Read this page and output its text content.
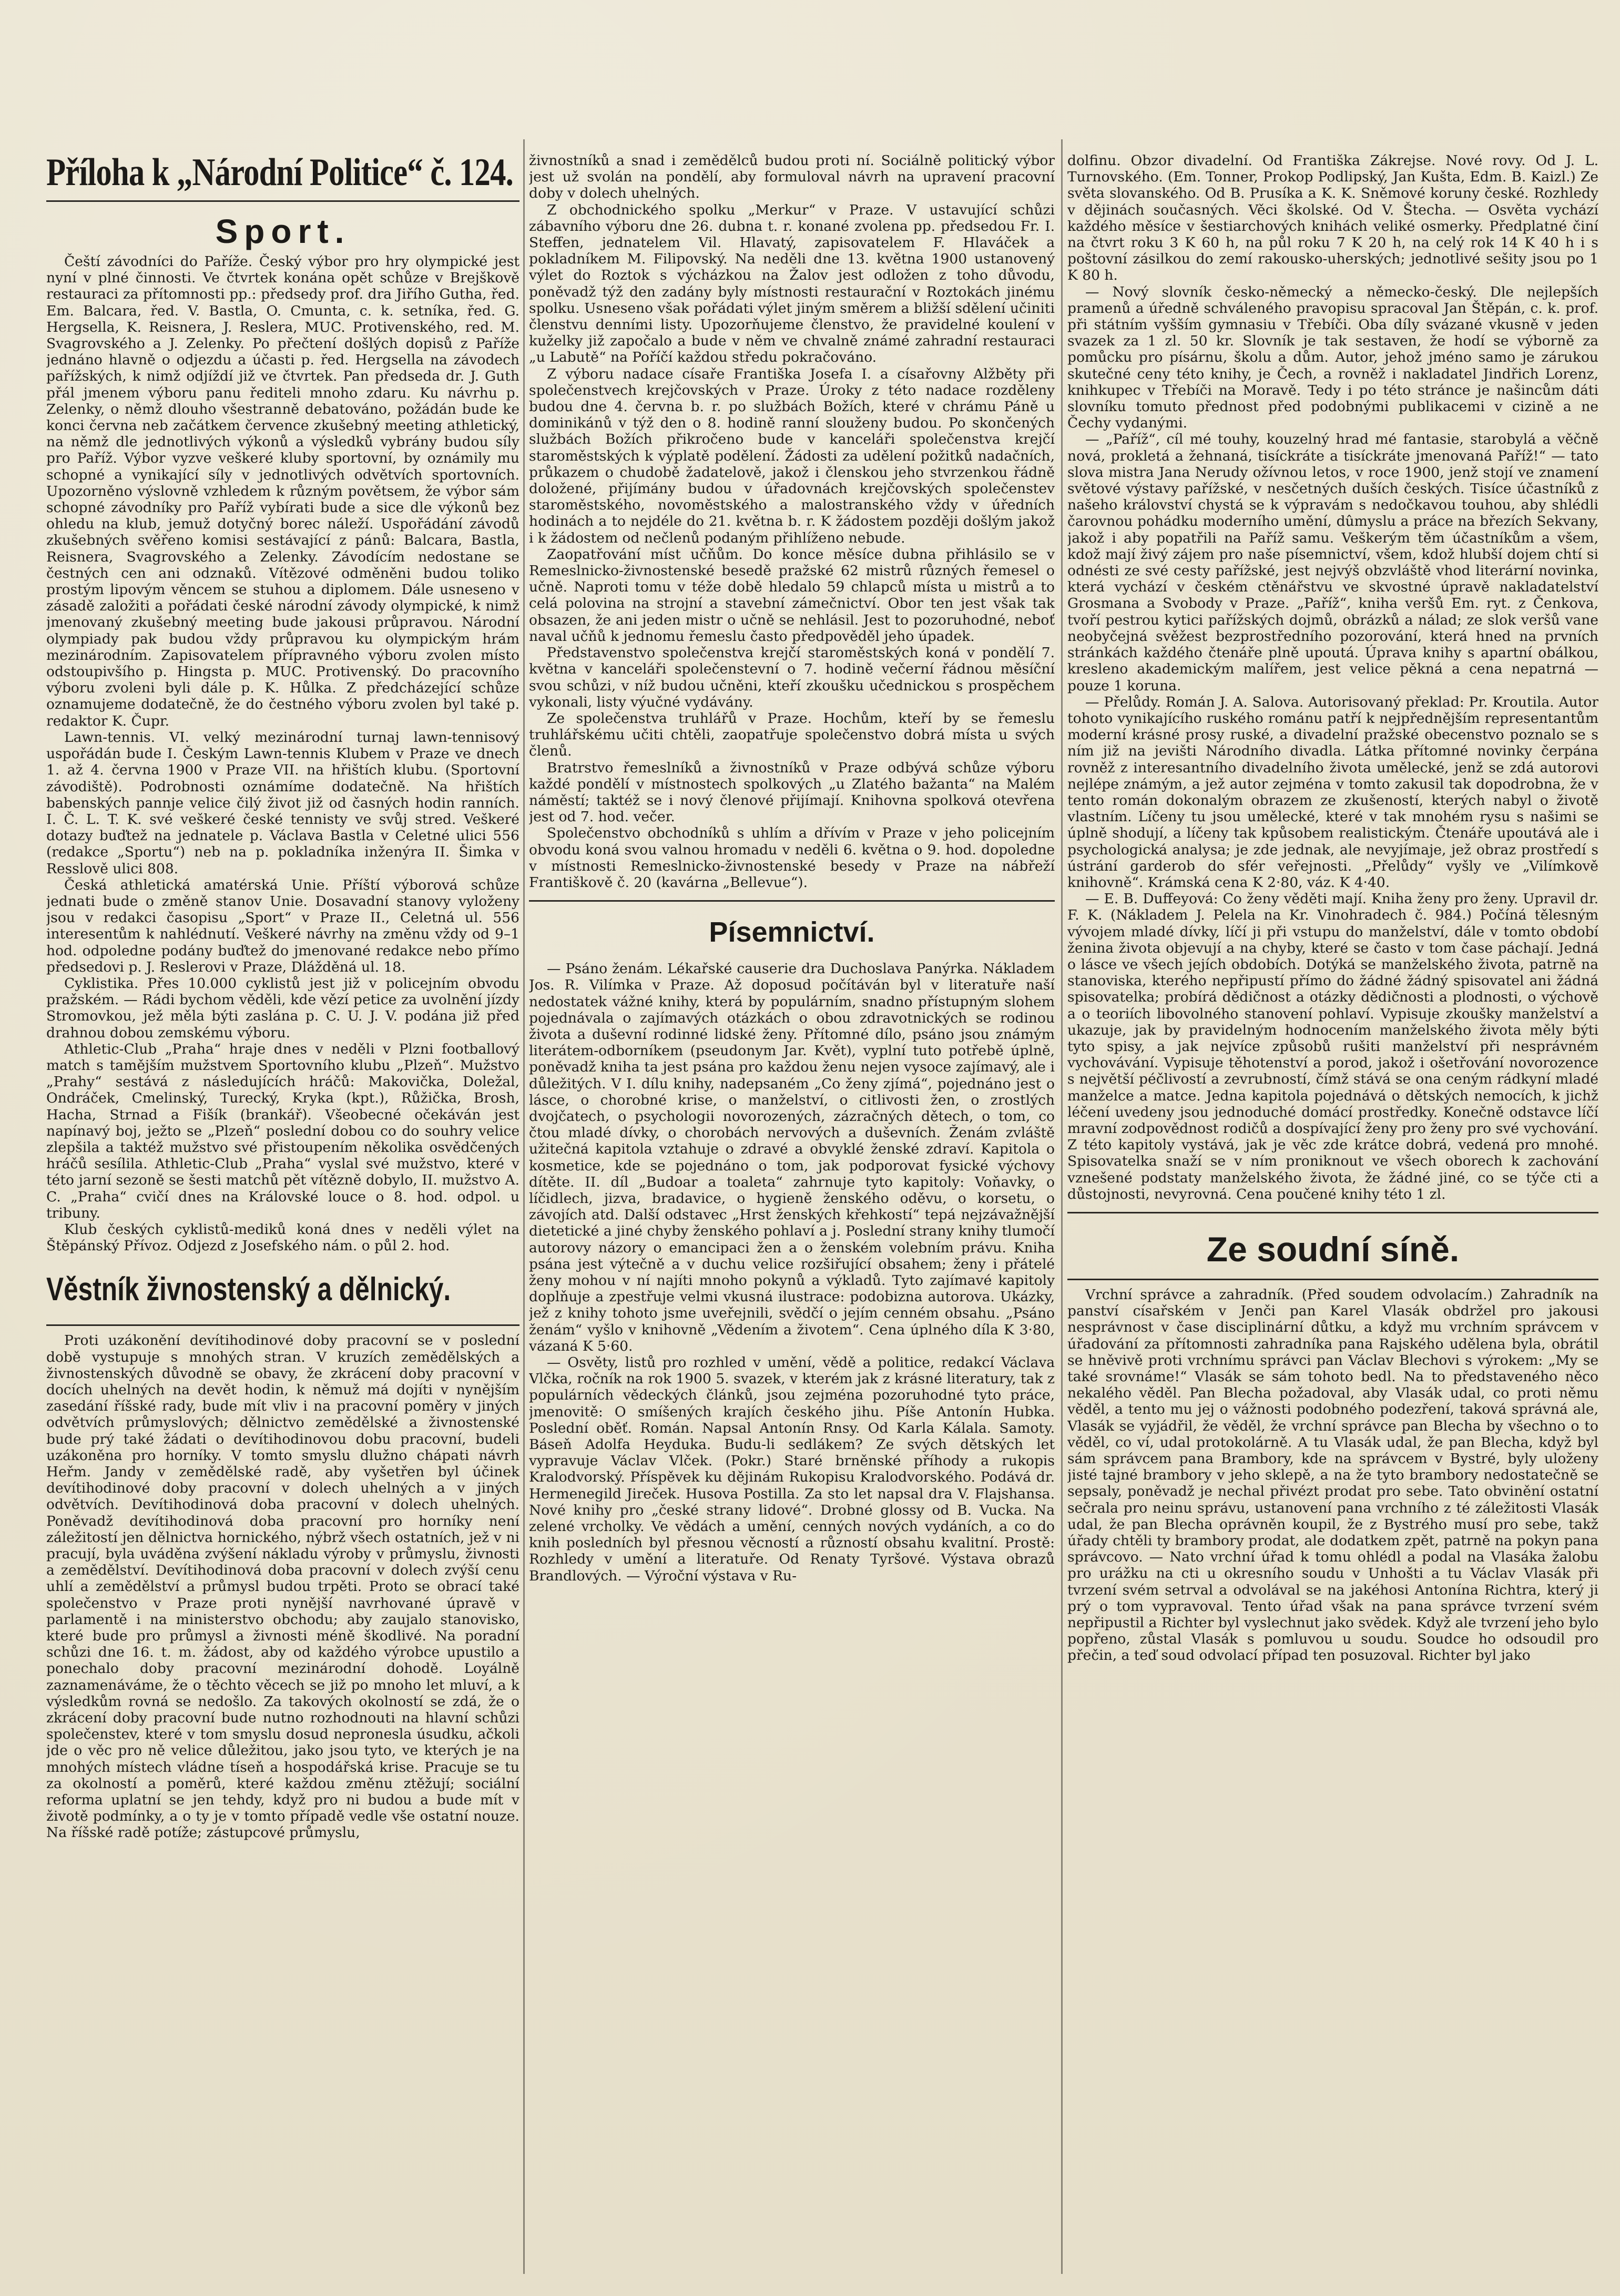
Příloha k „Národní Politice“ č. 124.
Sport.

Čeští závodníci do Paříže. Český výbor pro hry olympické jest nyní v plné činnosti. Ve čtvrtek konána opět schůze v Brejškově restauraci za přítomnosti pp.: předsedy prof. dra Jiřího Gutha, řed. Em. Balcara, řed. V. Bastla, O. Cmunta, c. k. setníka, řed. G. Hergsella, K. Reisnera, J. Reslera, MUC. Protivenského, red. M. Svagrovského a J. Zelenky. Po přečtení došlých dopisů z Paříže jednáno hlavně o odjezdu a účasti p. řed. Hergsella na závodech pařížských, k nimž odjíždí již ve čtvrtek. Pan předseda dr. J. Guth přál jmenem výboru panu řediteli mnoho zdaru. Ku návrhu p. Zelenky, o němž dlouho všestranně debatováno, požádán bude ke konci června neb začátkem července zkušebný meeting athletický, na němž dle jednotlivých výkonů a výsledků vybrány budou síly pro Paříž. Výbor vyzve veškeré kluby sportovní, by oznámily mu schopné a vynikající síly v jednotlivých odvětvích sportovních. Upozorněno výslovně vzhledem k různým povětsem, že výbor sám schopné závodníky pro Paříž vybírati bude a sice dle výkonů bez ohledu na klub, jemuž dotyčný borec náleží. Uspořádání závodů zkušebných svěřeno komisi sestávající z pánů: Balcara, Bastla, Reisnera, Svagrovského a Zelenky. Závodícím nedostanе se čestných cen ani odznaků. Vítězové odměněni budou toliko prostým lipovým věncem se stuhou a diplomem. Dále usneseno v zásadě založiti a pořádati české národní závody olympické, k nimž jmenovaný zkušebný meeting bude jakousi průpravou. Národní olympiady pak budou vždy průpravou ku olympickým hrám mezinárodním. Zapisovatelem přípravného výboru zvolen místo odstoupivšího p. Hingsta p. MUC. Protivenský. Do pracovního výboru zvoleni byli dále p. K. Hůlka. Z předcházející schůze oznamujeme dodatečně, že do čestného výboru zvolen byl také p. redaktor K. Čupr.

Lawn-tennis. VI. velký mezinárodní turnaj lawn-tennisový uspořádán bude I. Českým Lawn-tennis Klubem v Praze ve dnech 1. až 4. června 1900 v Praze VII. na hřištích klubu. (Sportovní závodiště). Podrobnosti oznámíme dodatečně. Na hřištích babenských pannje velice čilý život již od časných hodin ranních. I. Č. L. T. K. své veškeré české tennisty ve svůj stred. Veškeré dotazy buďtež na jednatele p. Václava Bastla v Celetné ulici 556 (redakce „Sportu“) neb na p. pokladníka inženýra II. Šimka v Resslově ulici 808.

Česká athletická amatérská Unie. Příští výborová schůze jednati bude o změně stanov Unie. Dosavadní stanovy vyloženy jsou v redakci časopisu „Sport“ v Praze II., Celetná ul. 556 interesentům k nahlédnutí. Veškeré návrhy na změnu vždy od 9–1 hod. odpoledne podány buďtež do jmenované redakce nebo přímo předsedovi p. J. Reslerovi v Praze, Dlážděná ul. 18.

Cyklistika. Přes 10.000 cyklistů jest již v policejním obvodu pražském. — Rádi bychom věděli, kde vězí petice za uvolnění jízdy Stromovkou, jež měla býti zaslána p. C. U. J. V. podána již před drahnou dobou zemskému výboru.

Athletic-Club „Praha“ hraje dnes v neděli v Plzni footballový match s tamějším mužstvem Sportovního klubu „Plzeň“. Mužstvo „Prahy“ sestává z následujících hráčů: Makovička, Doležal, Ondráček, Cmelinský, Turecký, Kryka (kpt.), Růžička, Brosh, Hacha, Strnad a Fišík (brankář). Všeobecné očekáván jest napínavý boj, ježto se „Plzeň“ poslední dobou co do souhry velice zlepšila a taktéž mužstvo své přistoupením několika osvědčených hráčů sesílila. Athletic-Club „Praha“ vyslal své mužstvo, které v této jarní sezoně se šesti matchů pět vítězně dobylo, II. mužstvo A. C. „Praha“ cvičí dnes na Královské louce o 8. hod. odpol. u tribuny.

Klub českých cyklistů-mediků koná dnes v neděli výlet na Štěpánský Přívoz. Odjezd z Josefského nám. o půl 2. hod.

Věstník živnostenský a dělnický.

Proti uzákonění devítihodinové doby pracovní se v poslední době vystupuje s mnohých stran. V kruzích zemědělských a živnostenských důvodně se obavy, že zkrácení doby pracovní v docích uhelných na devět hodin, k němuž má dojíti v nynějším zasedání říšské rady, bude mít vliv i na pracovní poměry v jiných odvětvích průmyslových; dělnictvo zemědělské a živnostenské bude prý také žádati o devítihodinovou dobu pracovní, budeli uzákoněna pro horníky. V tomto smyslu dlužno chápati návrh Heřm. Jandy v zemědělské radě, aby vyšetřen byl účinek devítihodinové doby pracovní v dolech uhelných a v jiných odvětvích. Devítihodinová doba pracovní v dolech uhelných. Poněvadž devítihodinová doba pracovní pro horníky není záležitostí jen dělnictva hornického, nýbrž všech ostatních, jež v ni pracují, byla uváděna zvýšení nákladu výroby v průmyslu, živnosti a zemědělství. Devítihodinová doba pracovní v dolech zvýší cenu uhlí a zemědělství a průmysl budou trpěti. Proto se obrací také společenstvo v Praze proti nynější navrhované úpravě v parlamentě i na ministerstvo obchodu; aby zaujalo stanovisko, které bude pro průmysl a živnosti méně škodlivé. Na poradní schůzi dne 16. t. m. žádost, aby od každého výrobce upustilo a ponechalo doby pracovní mezinárodní dohodě. Loyálně zaznamenáváme, že o těchto věcech se již po mnoho let mluví, a k výsledkům rovná se nedošlo. Za takových okolností se zdá, že o zkrácení doby pracovní bude nutno rozhodnouti na hlavní schůzi společenstev, které v tom smyslu dosud nepronesla úsudku, ačkoli jde o věc pro ně velice důležitou, jako jsou tyto, ve kterých je na mnohých místech vládne tíseň a hospodářská krise. Pracuje se tu za okolností a poměrů, které každou změnu ztěžují; sociální reforma uplatní se jen tehdy, když pro ni budou a bude mít v životě podmínky, a o ty je v tomto případě vedle vše ostatní nouze. Na říšské radě potíže; zástupcové průmyslu,

živnostníků a snad i zemědělců budou proti ní. Sociálně politický výbor jest už svolán na pondělí, aby formuloval návrh na upravení pracovní doby v dolech uhelných.

Z obchodnického spolku „Merkur“ v Praze. V ustavující schůzi zábavního výboru dne 26. dubna t. r. konané zvolena pp. předsedou Fr. I. Steffen, jednatelem Vil. Hlavatý, zapisovatelem F. Hlaváček a pokladníkem M. Filipovský. Na neděli dne 13. května 1900 ustanovený výlet do Roztok s výcházkou na Žalov jest odložen z toho důvodu, poněvadž týž den zadány byly místnosti restaurační v Roztokách jinému spolku. Usneseno však pořádati výlet jiným směrem a bližší sdělení učiniti členstvu denními listy. Upozorňujeme členstvo, že pravidelné koulení v kuželky již započalo a bude v něm ve chvalně známé zahradní restauraci „u Labutě“ na Poříčí každou středu pokračováno.

Z výboru nadace císaře Františka Josefa I. a císařovny Alžběty při společenstvech krejčovských v Praze. Úroky z této nadace rozděleny budou dne 4. června b. r. po službách Božích, které v chrámu Páně u dominikánů v týž den o 8. hodině ranní slouženy budou. Po skončených službách Božích přikročeno bude v kanceláři společenstva krejčí staroměstských k výplatě podělení. Žádosti za udělení požitků nadačních, průkazem o chudobě žadatelově, jakož i členskou jeho stvrzenkou řádně doložené, přijímány budou v úřadovnách krejčovských společenstev staroměstského, novoměstského a malostranského vždy v úředních hodinách a to nejdéle do 21. května b. r. K žádostem později došlým jakož i k žádostem od nečlenů podaným přihlíženo nebude.

Zaopatřování míst učňům. Do konce měsíce dubna přihlásilo se v Remeslnicko-živnostenské besedě pražské 62 mistrů různých řemesel o učně. Naproti tomu v téže době hledalo 59 chlapců místa u mistrů a to celá polovina na strojní a stavební zámečnictví. Obor ten jest však tak obsazen, že ani jeden mistr o učně se nehlásil. Jest to pozoruhodné, neboť naval učňů k jednomu řemeslu často předpověděl jeho úpadek.

Představenstvo společenstva krejčí staroměstských koná v pondělí 7. května v kanceláři společenstevní o 7. hodině večerní řádnou měsíční svou schůzi, v níž budou učněni, kteří zkoušku učednickou s prospěchem vykonali, listy výučné vydávány.

Ze společenstva truhlářů v Praze. Hochům, kteří by se řemeslu truhlářskému učiti chtěli, zaopatřuje společenstvo dobrá místa u svých členů.

Bratrstvo řemeslníků a živnostníků v Praze odbývá schůze výboru každé pondělí v místnostech spolkových „u Zlatého bažanta“ na Malém náměstí; taktéž se i nový členové přijímají. Knihovna spolková otevřena jest od 7. hod. večer.

Společenstvo obchodníků s uhlím a dřívím v Praze v jeho policejním obvodu koná svou valnou hromadu v neděli 6. května o 9. hod. dopoledne v místnosti Remeslnicko-živnostenské besedy v Praze na nábřeží Františkově č. 20 (kavárna „Bellevue“).

Písemnictví.

— Psáno ženám. Lékařské causerie dra Duchoslava Panýrka. Nákladem Jos. R. Vilímka v Praze. Až doposud počítáván byl v literatuře naší nedostatek vážné knihy, která by populárním, snadno přístupným slohem pojednávala o zajímavých otázkách o obou zdravotnických se rodinou života a duševní rodinné lidské ženy. Přítomné dílo, psáno jsou známým literátem-odborníkem (pseudonym Jar. Květ), vyplní tuto potřebě úplně, poněvadž kniha ta jest psána pro každou ženu nejen vysoce zajímavý, ale i důležitých. V I. dílu knihy, nadepsaném „Co ženy zjímá“, pojednáno jest o lásce, o chorobné krise, o manželství, o citlivosti žen, o zrostlých dvojčatech, o psychologii novorozených, zázračných dětech, o tom, co čtou mladé dívky, o chorobách nervových a duševních. Ženám zvláště užitečná kapitola vztahuje o zdravé a obvyklé ženské zdraví. Kapitola o kosmetice, kde se pojednáno o tom, jak podporovat fysické výchovy dítěte. II. díl „Budoar a toaleta“ zahrnuje tyto kapitoly: Voňavky, o líčidlech, jizva, bradavice, o hygieně ženského oděvu, o korsetu, o závojích atd. Další odstavec „Hrst ženských křehkostí“ tepá nejzávažnější dietetické a jiné chyby ženského pohlaví a j. Poslední strany knihy tlumočí autorovy názory o emancipaci žen a o ženském volebním právu. Kniha psána jest výtečně a v duchu velice rozšiřující obsahem; ženy i přátelé ženy mohou v ní najíti mnoho pokynů a výkladů. Tyto zajímavé kapitoly doplňuje a zpestřuje velmi vkusná ilustrace: podobizna autorova. Ukázky, jež z knihy tohoto jsme uveřejnili, svědčí o jejím cenném obsahu. „Psáno ženám“ vyšlo v knihovně „Vědením a životem“. Cena úplného díla K 3·80, vázaná K 5·60.

— Osvěty, listů pro rozhled v umění, vědě a politice, redakcí Václava Vlčka, ročník na rok 1900 5. svazek, v kterém jak z krásné literatury, tak z populárních vědeckých článků, jsou zejména pozoruhodné tyto práce, jmenovitě: O smíšených krajích českého jihu. Píše Antonín Hubka. Poslední oběť. Román. Napsal Antonín Rnsy. Od Karla Kálala. Samoty. Báseň Adolfa Heyduka. Budu-li sedlákem? Ze svých dětských let vypravuje Václav Vlček. (Pokr.) Staré brněnské příhody a rukopis Kralodvorský. Příspěvek ku dějinám Rukopisu Kralodvorského. Podává dr. Hermenegild Jireček. Husova Postilla. Za sto let napsal dra V. Flajshansa. Nové knihy pro „české strany lidové“. Drobné glossy od B. Vucka. Na zelené vrcholky. Ve vědách a umění, cenných nových vydáních, a co do knih posledních byl přesnou věcností a růzností obsahu kvalitní. Prostě: Rozhledy v umění a literatuře. Od Renaty Tyršové. Výstava obrazů Brandlových. — Výroční výstava v Ru-

dolfinu. Obzor divadelní. Od Františka Zákrejse. Nové rovy. Od J. L. Turnovského. (Em. Tonner, Prokop Podlipský, Jan Kušta, Edm. B. Kaizl.) Ze světa slovanského. Od B. Prusíka a K. K. Sněmové koruny české. Rozhledy v dějinách současných. Věci školské. Od V. Štecha. — Osvěta vychází každého měsíce v šestiarchových knihách veliké osmerky. Předplatné činí na čtvrt roku 3 K 60 h, na půl roku 7 K 20 h, na celý rok 14 K 40 h i s poštovní zásilkou do zemí rakousko-uherských; jednotlivé sešity jsou po 1 K 80 h.

— Nový slovník česko-německý a německo-český. Dle nejlepších pramenů a úředně schváleného pravopisu spracoval Jan Štěpán, c. k. prof. při státním vyšším gymnasiu v Třebíči. Oba díly svázané vkusně v jeden svazek za 1 zl. 50 kr. Slovník je tak sestaven, že hodí se výborně za pomůcku pro písárnu, školu a dům. Autor, jehož jméno samo je zárukou skutečné ceny této knihy, je Čech, a rovněž i nakladatel Jindřich Lorenz, knihkupec v Třebíči na Moravě. Tedy i po této stránce je našincům dáti slovníku tomuto přednost před podobnými publikacemi v cizině a ne Čechy vydanými.

— „Paříž“, cíl mé touhy, kouzelný hrad mé fantasie, starobylá a věčně nová, prokletá a žehnaná, tisíckráte a tisíckráte jmenovaná Paříž!“ — tato slova mistra Jana Nerudy ožívnou letos, v roce 1900, jenž stojí ve znamení světové výstavy pařížské, v nesčetných duších českých. Tisíce účastníků z našeho království chystá se k výpravám s nedočkavou touhou, aby shlédli čarovnou pohádku moderního umění, dûmyslu a práce na březích Sekvany, jakož i aby popatřili na Paříž samu. Veškerým těm účastníkům a všem, kdož mají živý zájem pro naše písemnictví, všem, kdož hlubší dojem chtí si odnésti ze své cesty pařížské, jest nejvýš obzvláště vhod literární novinka, která vychází v českém ctěnářstvu ve skvostné úpravě nakladatelství Grosmana a Svobody v Praze. „Paříž“, kniha veršů Em. ryt. z Čenkova, tvoří pestrou kytici pařížských dojmů, obrázků a nálad; ze slok veršů vane neobyčejná svěžest bezprostředního pozorování, která hned na prvních stránkách každého čtenáře plně upoutá. Úprava knihy s apartní obálkou, kresleno akademickým malířem, jest velice pěkná a cena nepatrná — pouze 1 koruna.

— Přelůdy. Román J. A. Salova. Autorisovaný překlad: Pr. Kroutila. Autor tohoto vynikajícího ruského románu patří k nejpřednějším representantům moderní krásné prosy ruské, a divadelní pražské obecenstvo poznalo se s ním již na jevišti Národního divadla. Látka přítomné novinky čerpána rovněž z interesantního divadelního života umělecké, jenž se zdá autorovi nejlépe známým, a jež autor zejména v tomto zakusil tak dopodrobna, že v tento román dokonalým obrazem ze zkušeností, kterých nabyl o životě vlastním. Líčeny tu jsou umělecké, které v tak mnohém rysu s našimi se úplně shodují, a líčeny tak kpůsobem realistickým. Čtenáře upoutává ale i psychologická analysa; je zde jednak, ale nevyjímaje, jež obraz prostředí s ústrání garderob do sfér veřejnosti. „Přelůdy“ vyšly ve „Vilímkově knihovně“. Krámská cena K 2·80, váz. K 4·40.

— E. B. Duffeyová: Co ženy věděti mají. Kniha ženy pro ženy. Upravil dr. F. K. (Nákladem J. Pelela na Kr. Vinohradech č. 984.) Počíná tělesným vývojem mladé dívky, líčí ji při vstupu do manželství, dále v tomto období ženina života objevují a na chyby, které se často v tom čase páchají. Jedná o lásce ve všech jejích obdobích. Dotýká se manželského života, patrně na stanoviska, kterého nepřipustí přímo do žádné žádný spisovatel ani žádná spisovatelka; probírá dědičnost a otázky dědičnosti a plodnosti, o výchově a o teoriích libovolného stanovení pohlaví. Vypisuje zkoušky manželství a ukazuje, jak by pravidelným hodnocením manželského života měly býti tyto spisy, a jak nejvíce způsobů rušiti manželství při nesprávném vychovávání. Vypisuje těhotenství a porod, jakož i ošetřování novorozence s největší péčlivostí a zevrubností, čímž stává se ona ceným rádkyní mladé manželce a matce. Jedna kapitola pojednává o dětských nemocích, k jichž léčení uvedeny jsou jednoduché domácí prostředky. Konečně odstavce líčí mravní zodpovědnost rodičů a dospívající ženy pro ženy pro své vychování. Z této kapitoly vystává, jak je věc zde krátce dobrá, vedená pro mnohé. Spisovatelka snaží se v ním proniknout ve všech oborech k zachování vznešené podstaty manželského života, že žádné jiné, co se týče cti a důstojnosti, nevyrovná. Cena poučené knihy této 1 zl.

Ze soudní síně.

Vrchní správce a zahradník. (Před soudem odvolacím.) Zahradník na panství císařském v Jenči pan Karel Vlasák obdržel pro jakousi nesprávnost v čase disciplinární důtku, a když mu vrchním správcem v úřadování za přítomnosti zahradníka pana Rajského udělena byla, obrátil se hněvivě proti vrchnímu správci pan Václav Blechovi s výrokem: „My se také srovnáme!“ Vlasák se sám tohoto bedl. Na to představeného něco nekalého věděl. Pan Blecha požadoval, aby Vlasák udal, co proti němu věděl, a tento mu jej o vážnosti podobného podezření, taková správná ale, Vlasák se vyjádřil, že věděl, že vrchní správce pan Blecha by všechno o to věděl, co ví, udal protokolárně. A tu Vlasák udal, že pan Blecha, když byl sám správcem pana Brambory, kde na správcem v Bystré, byly uloženy jisté tajné brambory v jeho sklepě, a na že tyto brambory nedostatečně se sepsaly, poněvadž je nechal přivézt prodat pro sebe. Tato obvinění ostatní sečrala pro neinu správu, ustanovení pana vrchního z té záležitosti Vlasák udal, že pan Blecha oprávněn koupil, že z Bystrého musí pro sebe, takž úřady chtěli ty brambory prodat, ale dodatkem zpět, patrně na pokyn pana správcovo. — Nato vrchní úřad k tomu ohlédl a podal na Vlasáka žalobu pro urážku na cti u okresního soudu v Unhošti a tu Václav Vlasák při tvrzení svém setrval a odvolával se na jakéhosi Antonína Richtra, který ji prý o tom vypravoval. Tento úřad však na pana správce tvrzení svém nepřipustil a Richter byl vyslechnut jako svědek. Když ale tvrzení jeho bylo popřeno, zůstal Vlasák s pomluvou u soudu. Soudce ho odsoudil pro přečin, a teď soud odvolací případ ten posuzoval. Richter byl jako
